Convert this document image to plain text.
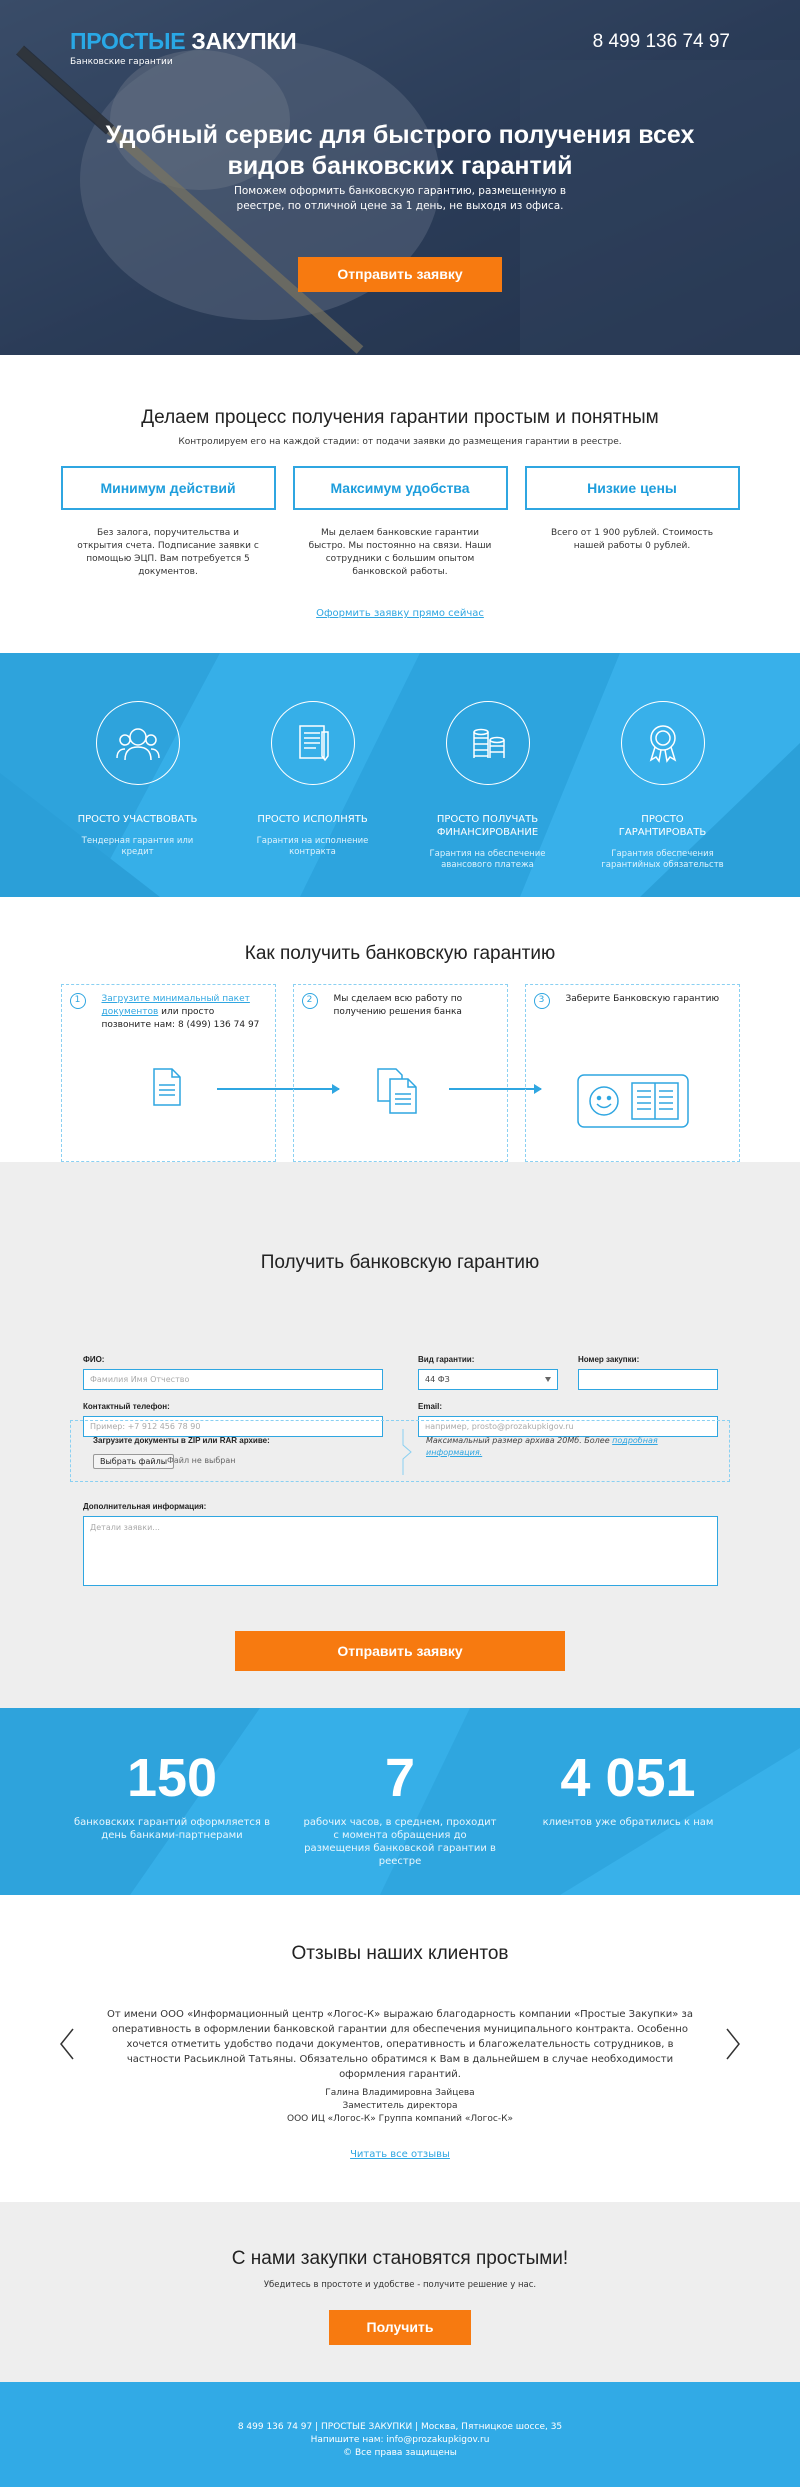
ПРОСТЫЕ ЗАКУПКИ
Банковские гарантии
8 499 136 74 97
Удобный сервис для быстрого получения всех видов банковских гарантий

Поможем оформить банковскую гарантию, размещенную в реестре, по отличной цене за 1 день, не выходя из офиса.

Отправить заявку
Делаем процесс получения гарантии простым и понятным
Контролируем его на каждой стадии: от подачи заявки до размещения гарантии в реестре.
Минимум действий
Без залога, поручительства и открытия счета. Подписание заявки с помощью ЭЦП. Вам потребуется 5 документов.
Максимум удобства
Мы делаем банковские гарантии быстро. Мы постоянно на связи. Наши сотрудники с большим опытом банковской работы.
Низкие цены
Всего от 1 900 рублей. Стоимость нашей работы 0 рублей.
Оформить заявку прямо сейчас
ПРОСТО УЧАСТВОВАТЬ
Тендерная гарантия или кредит
ПРОСТО ИСПОЛНЯТЬ
Гарантия на исполнение контракта
ПРОСТО ПОЛУЧАТЬ ФИНАНСИРОВАНИЕ
Гарантия на обеспечение авансового платежа
ПРОСТО ГАРАНТИРОВАТЬ
Гарантия обеспечения гарантийных обязательств
Как получить банковскую гарантию
1	Загрузите минимальный пакет документов или просто позвоните нам: 8 (499) 136 74 97
2	Мы сделаем всю работу по получению решения банка
3	Заберите Банковскую гарантию
Получить банковскую гарантию
ФИО:
Фамилия Имя Отчество
Вид гарантии:
44 ФЗ
Номер закупки:
Контактный телефон:
Пример: +7 912 456 78 90
Email:
например, prosto@prozakupkigov.ru
Загрузите документы в ZIP или RAR архиве:
Выбрать файлы Файл не выбран
Максимальный размер архива 20Мб. Более подробная информация.
Дополнительная информация:
Детали заявки...
Отправить заявку
150
банковских гарантий оформляется в день банками-партнерами
7
рабочих часов, в среднем, проходит с момента обращения до размещения банковской гарантии в реестре
4 051
клиентов уже обратились к нам
Отзывы наших клиентов
От имени ООО «Информационный центр «Логос-К» выражаю благодарность компании «Простые Закупки» за оперативность в оформлении банковской гарантии для обеспечения муниципального контракта. Особенно хочется отметить удобство подачи документов, оперативность и благожелательность сотрудников, в частности Расьиклной Татьяны. Обязательно обратимся к Вам в дальнейшем в случае необходимости оформления гарантий.
Галина Владимировна Зайцева
Заместитель директора
ООО ИЦ «Логос-К» Группа компаний «Логос-К»
Читать все отзывы
С нами закупки становятся простыми!
Убедитесь в простоте и удобстве - получите решение у нас.
Получить
8 499 136 74 97 | ПРОСТЫЕ ЗАКУПКИ | Москва, Пятницкое шоссе, 35
Напишите нам: info@prozakupkigov.ru
© Все права защищены
